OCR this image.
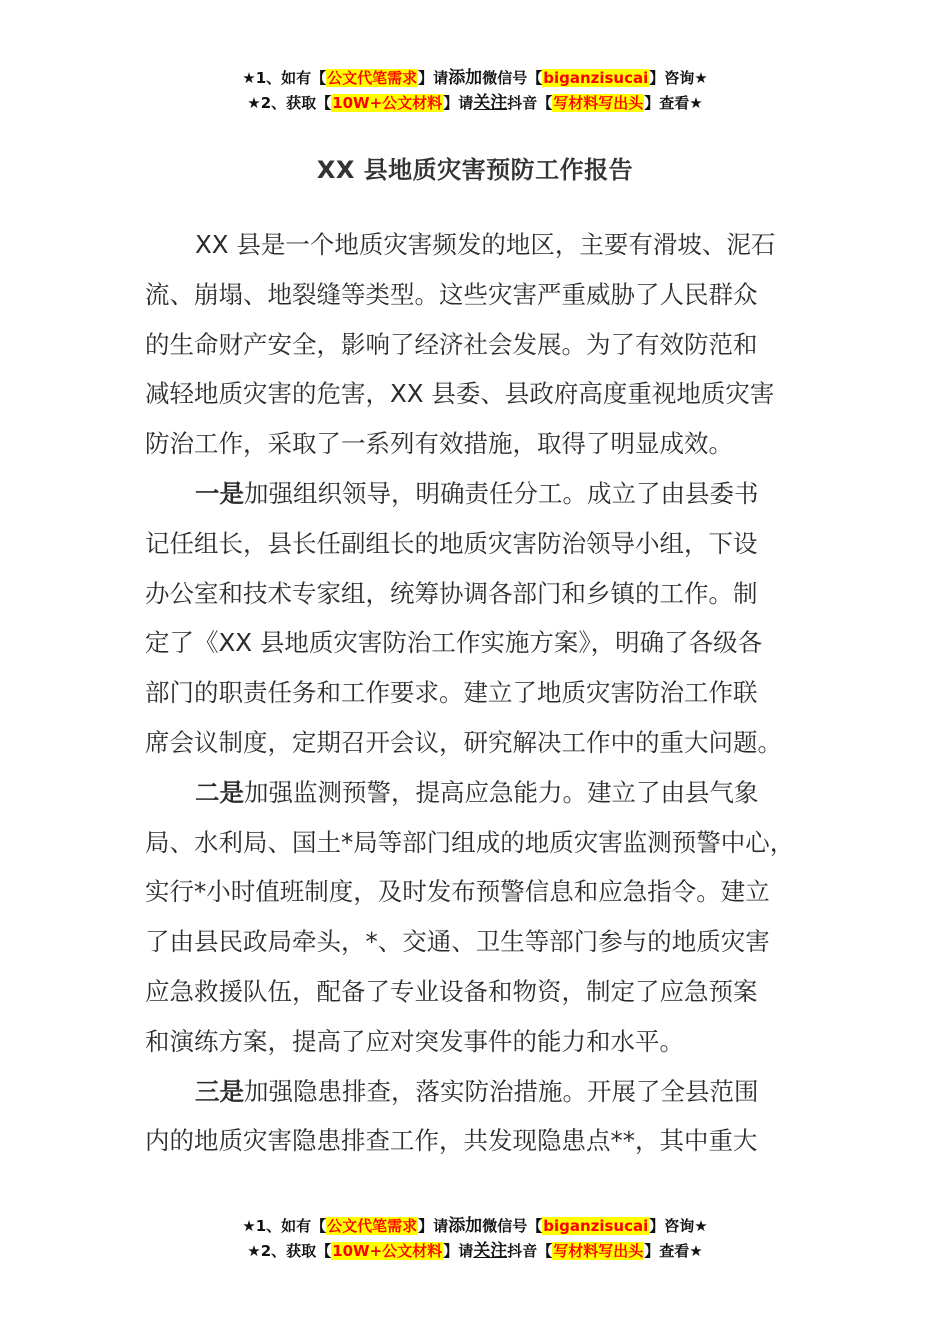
★1、如有【公文代笔需求】请添加微信号【biganzisucai】咨询★
★2、获取【10W+公文材料】请关注抖音【写材料写出头】查看★
XX 县地质灾害预防工作报告
XX 县是一个地质灾害频发的地区，主要有滑坡、泥石
流、崩塌、地裂缝等类型。这些灾害严重威胁了人民群众
的生命财产安全，影响了经济社会发展。为了有效防范和
减轻地质灾害的危害，XX 县委、县政府高度重视地质灾害
防治工作，采取了一系列有效措施，取得了明显成效。
一是加强组织领导，明确责任分工。成立了由县委书
记任组长，县长任副组长的地质灾害防治领导小组，下设
办公室和技术专家组，统筹协调各部门和乡镇的工作。制
定了《XX 县地质灾害防治工作实施方案》，明确了各级各
部门的职责任务和工作要求。建立了地质灾害防治工作联
席会议制度，定期召开会议，研究解决工作中的重大问题。
二是加强监测预警，提高应急能力。建立了由县气象
局、水利局、国土*局等部门组成的地质灾害监测预警中心，
实行*小时值班制度，及时发布预警信息和应急指令。建立
了由县民政局牵头，*、交通、卫生等部门参与的地质灾害
应急救援队伍，配备了专业设备和物资，制定了应急预案
和演练方案，提高了应对突发事件的能力和水平。
三是加强隐患排查，落实防治措施。开展了全县范围
内的地质灾害隐患排查工作，共发现隐患点**，其中重大
★1、如有【公文代笔需求】请添加微信号【biganzisucai】咨询★
★2、获取【10W+公文材料】请关注抖音【写材料写出头】查看★
